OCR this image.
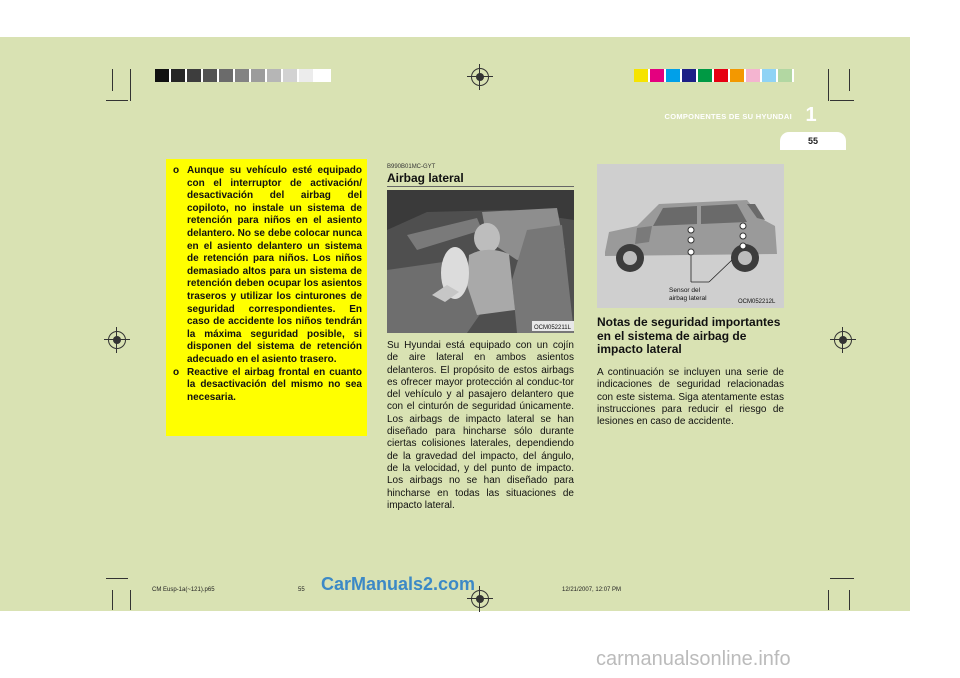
COMPONENTES DE SU HYUNDAI 1
55
o Aunque su vehículo esté equipado con el interruptor de activación/ desactivación del airbag del copiloto, no instale un sistema de retención para niños en el asiento delantero. No se debe colocar nunca en el asiento delantero un sistema de retención para niños. Los niños demasiado altos para un sistema de retención deben ocupar los asientos traseros y utilizar los cinturones de seguridad correspondientes. En caso de accidente los niños tendrán la máxima seguridad posible, si disponen del sistema de retención adecuado en el asiento trasero.
o Reactive el airbag frontal en cuanto la desactivación del mismo no sea necesaria.
B990B01MC-GYT
Airbag lateral
OCM052211L

Su Hyundai está equipado con un cojín de aire lateral en ambos asientos delanteros. El propósito de estos airbags es ofrecer mayor protección al conduc-tor del vehículo y al pasajero delantero que con el cinturón de seguridad únicamente. Los airbags de impacto lateral se han diseñado para hincharse sólo durante ciertas colisiones laterales, dependiendo de la gravedad del impacto, del ángulo, de la velocidad, y del punto de impacto. Los airbags no se han diseñado para hincharse en todas las situaciones de impacto lateral.

Sensor del
airbag lateral	OCM052212L
Notas de seguridad importantes en el sistema de airbag de impacto lateral

A continuación se incluyen una serie de indicaciones de seguridad relacionadas con este sistema. Siga atentamente estas instrucciones para reducir el riesgo de lesiones en caso de accidente.

CM Eusp-1a(~121).p65	55	12/21/2007, 12:07 PM
CarManuals2.com
carmanualsonline.info
